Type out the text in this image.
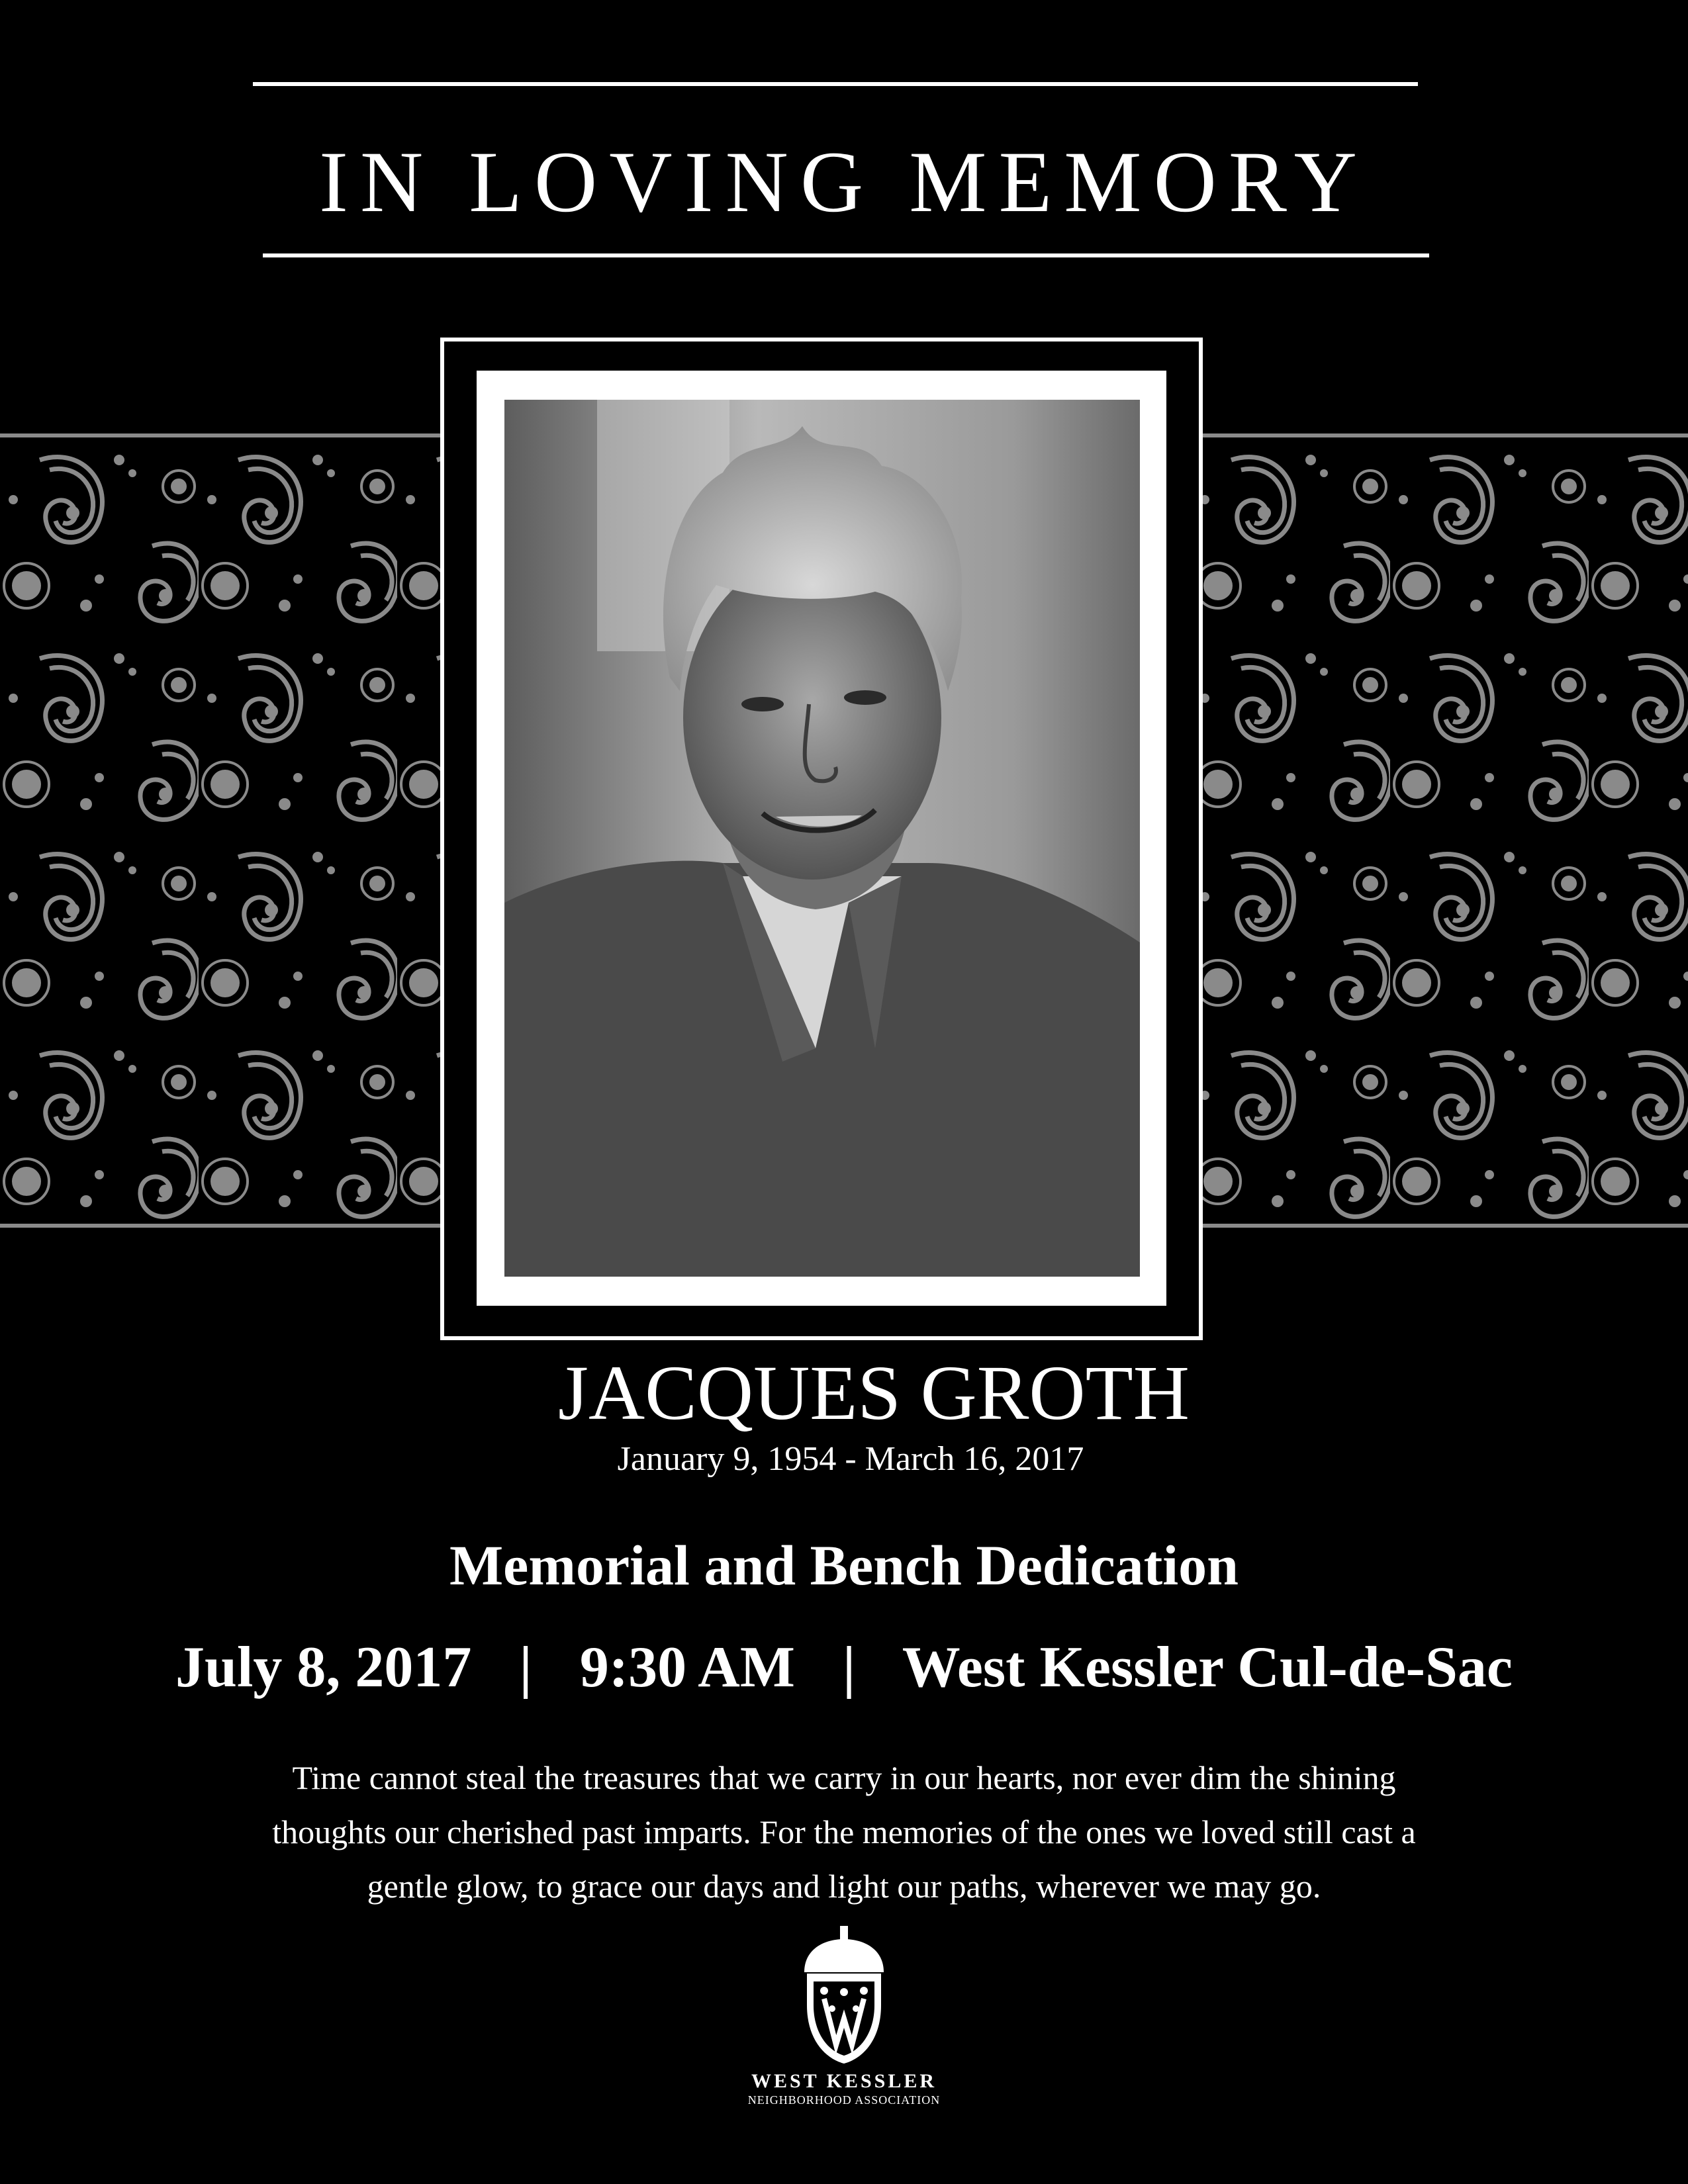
IN LOVING MEMORY
JACQUES GROTH
January 9, 1954 - March 16, 2017
Memorial and Bench Dedication
July 8, 2017 | 9:30 AM | West Kessler Cul-de-Sac
Time cannot steal the treasures that we carry in our hearts, nor ever dim the shining
thoughts our cherished past imparts. For the memories of the ones we loved still cast a
gentle glow, to grace our days and light our paths, wherever we may go.
WEST KESSLER
NEIGHBORHOOD ASSOCIATION
